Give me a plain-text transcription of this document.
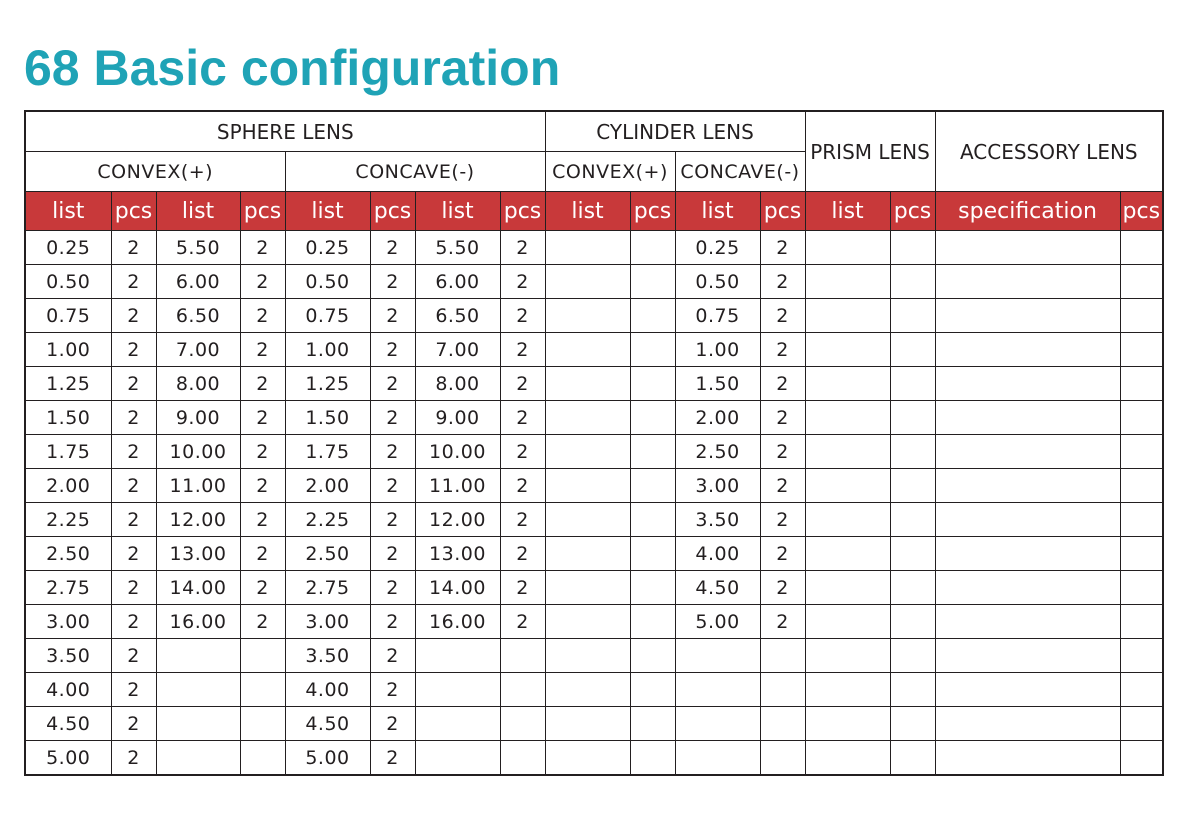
68 Basic configuration
SPHERE LENS								CYLINDER LENS				PRISM LENS		ACCESSORY LENS	
CONVEX(+)				CONCAVE(-)				CONVEX(+)		CONCAVE(-)					
list	pcs	list	pcs	list	pcs	list	pcs	list	pcs	list	pcs	list	pcs	specification	pcs
0.25	2	5.50	2	0.25	2	5.50	2			0.25	2				
0.50	2	6.00	2	0.50	2	6.00	2			0.50	2				
0.75	2	6.50	2	0.75	2	6.50	2			0.75	2				
1.00	2	7.00	2	1.00	2	7.00	2			1.00	2				
1.25	2	8.00	2	1.25	2	8.00	2			1.50	2				
1.50	2	9.00	2	1.50	2	9.00	2			2.00	2				
1.75	2	10.00	2	1.75	2	10.00	2			2.50	2				
2.00	2	11.00	2	2.00	2	11.00	2			3.00	2				
2.25	2	12.00	2	2.25	2	12.00	2			3.50	2				
2.50	2	13.00	2	2.50	2	13.00	2			4.00	2				
2.75	2	14.00	2	2.75	2	14.00	2			4.50	2				
3.00	2	16.00	2	3.00	2	16.00	2			5.00	2				
3.50	2			3.50	2										
4.00	2			4.00	2										
4.50	2			4.50	2										
5.00	2			5.00	2										
